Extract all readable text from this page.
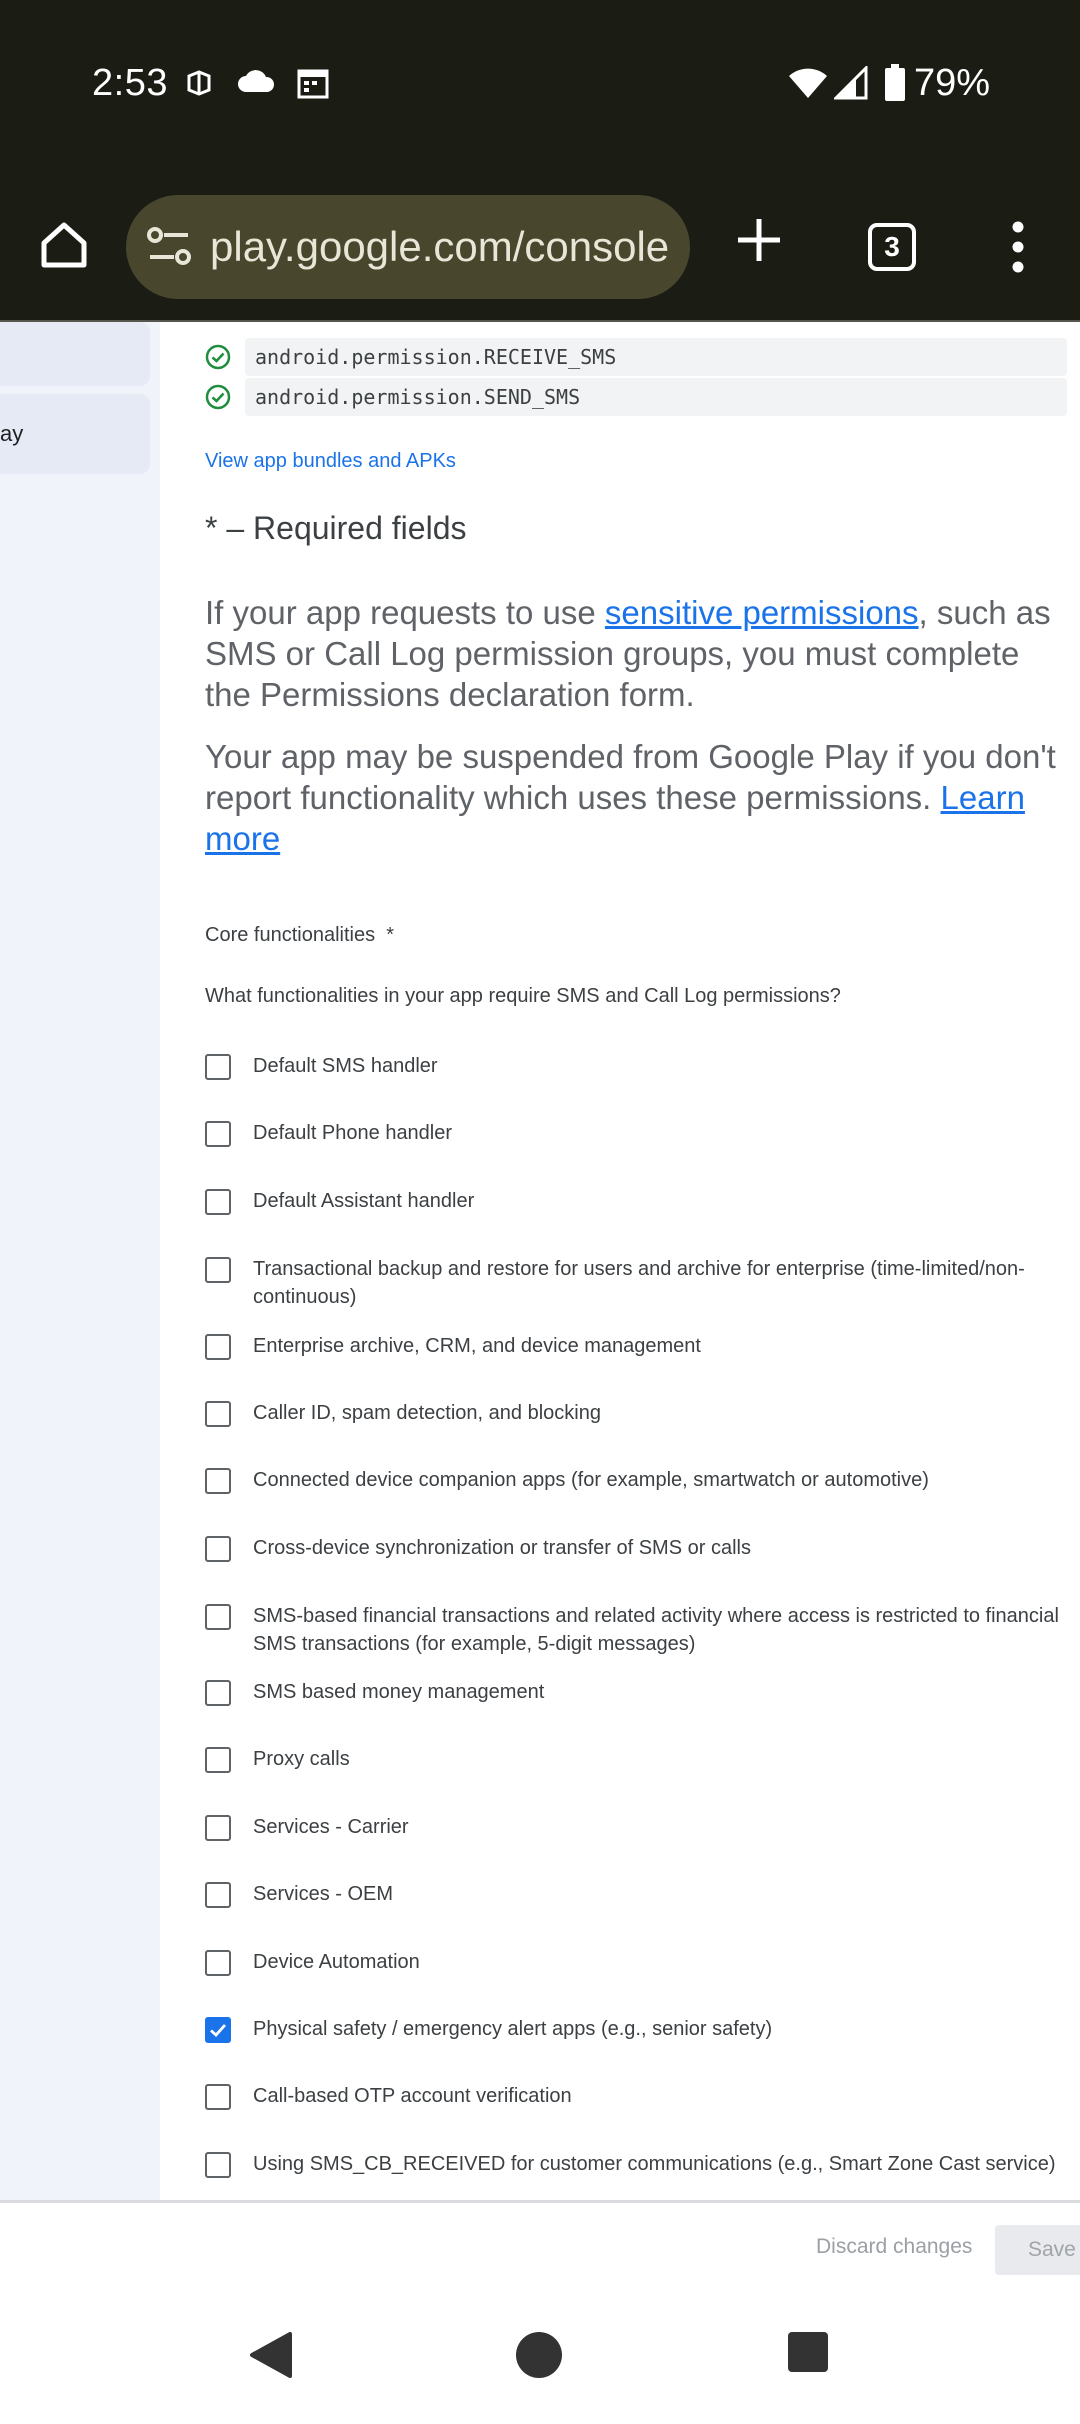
2:53	79%
play.google.com/console	3
ay
android.permission.RECEIVE_SMS
android.permission.SEND_SMS
View app bundles and APKs
* – Required fields

If your app requests to use sensitive permissions, such as SMS or Call Log permission groups, you must complete the Permissions declaration form.

Your app may be suspended from Google Play if you don't report functionality which uses these permissions. Learn more

Core functionalities  *
What functionalities in your app require SMS and Call Log permissions?
Default SMS handler
Default Phone handler
Default Assistant handler
Transactional backup and restore for users and archive for enterprise (time-limited/non-continuous)
Enterprise archive, CRM, and device management
Caller ID, spam detection, and blocking
Connected device companion apps (for example, smartwatch or automotive)
Cross-device synchronization or transfer of SMS or calls
SMS-based financial transactions and related activity where access is restricted to financial SMS transactions (for example, 5-digit messages)
SMS based money management
Proxy calls
Services - Carrier
Services - OEM
Device Automation
Physical safety / emergency alert apps (e.g., senior safety)
Call-based OTP account verification
Using SMS_CB_RECEIVED for customer communications (e.g., Smart Zone Cast service)
Discard changes	Save
